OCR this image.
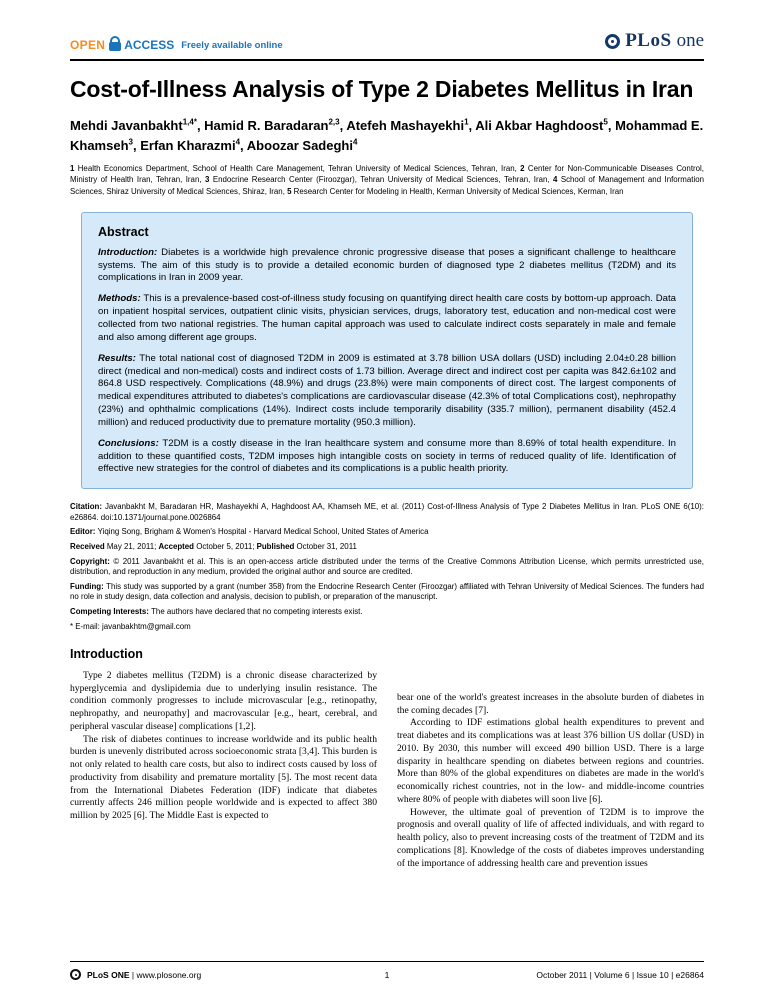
OPEN ACCESS Freely available online	PLoS one
Cost-of-Illness Analysis of Type 2 Diabetes Mellitus in Iran
Mehdi Javanbakht$^{1,4*}$, Hamid R. Baradaran$^{2,3}$, Atefeh Mashayekhi$^1$, Ali Akbar Haghdoost$^5$, Mohammad E. Khamseh$^3$, Erfan Kharazmi$^4$, Aboozar Sadeghi$^4$
1 Health Economics Department, School of Health Care Management, Tehran University of Medical Sciences, Tehran, Iran, 2 Center for Non-Communicable Diseases Control, Ministry of Health Iran, Tehran, Iran, 3 Endocrine Research Center (Firoozgar), Tehran University of Medical Sciences, Tehran, Iran, 4 School of Management and Information Sciences, Shiraz University of Medical Sciences, Shiraz, Iran, 5 Research Center for Modeling in Health, Kerman University of Medical Sciences, Kerman, Iran
Abstract

Introduction: Diabetes is a worldwide high prevalence chronic progressive disease that poses a significant challenge to healthcare systems. The aim of this study is to provide a detailed economic burden of diagnosed type 2 diabetes mellitus (T2DM) and its complications in Iran in 2009 year.

Methods: This is a prevalence-based cost-of-illness study focusing on quantifying direct health care costs by bottom-up approach. Data on inpatient hospital services, outpatient clinic visits, physician services, drugs, laboratory test, education and non-medical cost were collected from two national registries. The human capital approach was used to calculate indirect costs separately in male and female and also among different age groups.

Results: The total national cost of diagnosed T2DM in 2009 is estimated at 3.78 billion USA dollars (USD) including 2.04±0.28 billion direct (medical and non-medical) costs and indirect costs of 1.73 billion. Average direct and indirect cost per capita was 842.6±102 and 864.8 USD respectively. Complications (48.9%) and drugs (23.8%) were main components of direct cost. The largest components of medical expenditures attributed to diabetes's complications are cardiovascular disease (42.3% of total Complications cost), nephropathy (23%) and ophthalmic complications (14%). Indirect costs include temporarily disability (335.7 million), permanent disability (452.4 million) and reduced productivity due to premature mortality (950.3 million).

Conclusions: T2DM is a costly disease in the Iran healthcare system and consume more than 8.69% of total health expenditure. In addition to these quantified costs, T2DM imposes high intangible costs on society in terms of reduced quality of life. Identification of effective new strategies for the control of diabetes and its complications is a public health priority.

Citation: Javanbakht M, Baradaran HR, Mashayekhi A, Haghdoost AA, Khamseh ME, et al. (2011) Cost-of-Illness Analysis of Type 2 Diabetes Mellitus in Iran. PLoS ONE 6(10): e26864. doi:10.1371/journal.pone.0026864

Editor: Yiqing Song, Brigham & Women's Hospital - Harvard Medical School, United States of America

Received May 21, 2011; Accepted October 5, 2011; Published October 31, 2011

Copyright: © 2011 Javanbakht et al. This is an open-access article distributed under the terms of the Creative Commons Attribution License, which permits unrestricted use, distribution, and reproduction in any medium, provided the original author and source are credited.

Funding: This study was supported by a grant (number 358) from the Endocrine Research Center (Firoozgar) affiliated with Tehran University of Medical Sciences. The funders had no role in study design, data collection and analysis, decision to publish, or preparation of the manuscript.

Competing Interests: The authors have declared that no competing interests exist.

* E-mail: javanbakhtm@gmail.com

Introduction

Type 2 diabetes mellitus (T2DM) is a chronic disease characterized by hyperglycemia and dyslipidemia due to underlying insulin resistance. The condition commonly progresses to include microvascular [e.g., retinopathy, nephropathy, and neuropathy] and macrovascular [e.g., heart, cerebral, and peripheral vascular disease] complications [1,2].

The risk of diabetes continues to increase worldwide and its public health burden is unevenly distributed across socioeconomic strata [3,4]. This burden is not only related to health care costs, but also to indirect costs caused by loss of productivity from disability and premature mortality [5]. The most recent data from the International Diabetes Federation (IDF) indicate that diabetes currently affects 246 million people worldwide and is expected to affect 380 million by 2025 [6]. The Middle East is expected to

bear one of the world's greatest increases in the absolute burden of diabetes in the coming decades [7].

According to IDF estimations global health expenditures to prevent and treat diabetes and its complications was at least 376 billion US dollar (USD) in 2010. By 2030, this number will exceed 490 billion USD. There is a large disparity in healthcare spending on diabetes between regions and countries. More than 80% of the global expenditures on diabetes are made in the world's economically richest countries, not in the low- and middle-income countries where 80% of people with diabetes will soon live [6].

However, the ultimate goal of prevention of T2DM is to improve the prognosis and overall quality of life of affected individuals, and with regard to health policy, also to prevent increasing costs of the treatment of T2DM and its complications [8]. Knowledge of the costs of diabetes improves understanding of the importance of addressing health care and prevention issues

PLoS ONE | www.plosone.org	1	October 2011 | Volume 6 | Issue 10 | e26864
